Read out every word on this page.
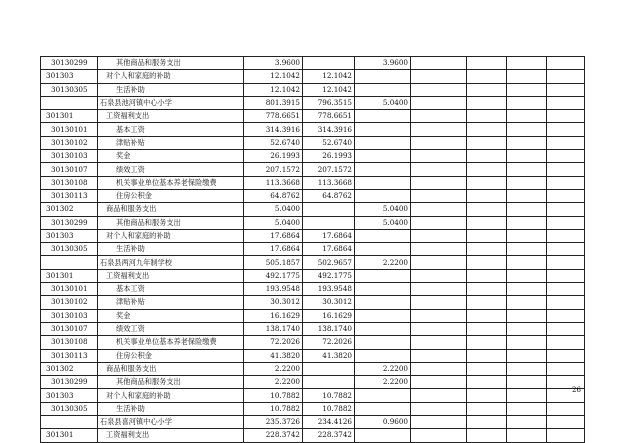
30130299	其他商品和服务支出	3.9600		3.9600				
301303	对个人和家庭的补助	12.1042	12.1042					
30130305	生活补助	12.1042	12.1042					
	石泉县池河镇中心小学	801.3915	796.3515	5.0400				
301301	工资福利支出	778.6651	778.6651					
30130101	基本工资	314.3916	314.3916					
30130102	津贴补贴	52.6740	52.6740					
30130103	奖金	26.1993	26.1993					
30130107	绩效工资	207.1572	207.1572					
30130108	机关事业单位基本养老保险缴费	113.3668	113.3668					
30130113	住房公积金	64.8762	64.8762					
301302	商品和服务支出	5.0400		5.0400				
30130299	其他商品和服务支出	5.0400		5.0400				
301303	对个人和家庭的补助	17.6864	17.6864					
30130305	生活补助	17.6864	17.6864					
	石泉县两河九年制学校	505.1857	502.9657	2.2200				
301301	工资福利支出	492.1775	492.1775					
30130101	基本工资	193.9548	193.9548					
30130102	津贴补贴	30.3012	30.3012					
30130103	奖金	16.1629	16.1629					
30130107	绩效工资	138.1740	138.1740					
30130108	机关事业单位基本养老保险缴费	72.2026	72.2026					
30130113	住房公积金	41.3820	41.3820					
301302	商品和服务支出	2.2200		2.2200				
30130299	其他商品和服务支出	2.2200		2.2200				
301303	对个人和家庭的补助	10.7882	10.7882					
30130305	生活补助	10.7882	10.7882					
	石泉县喜河镇中心小学	235.3726	234.4126	0.9600				
301301	工资福利支出	228.3742	228.3742					
26
